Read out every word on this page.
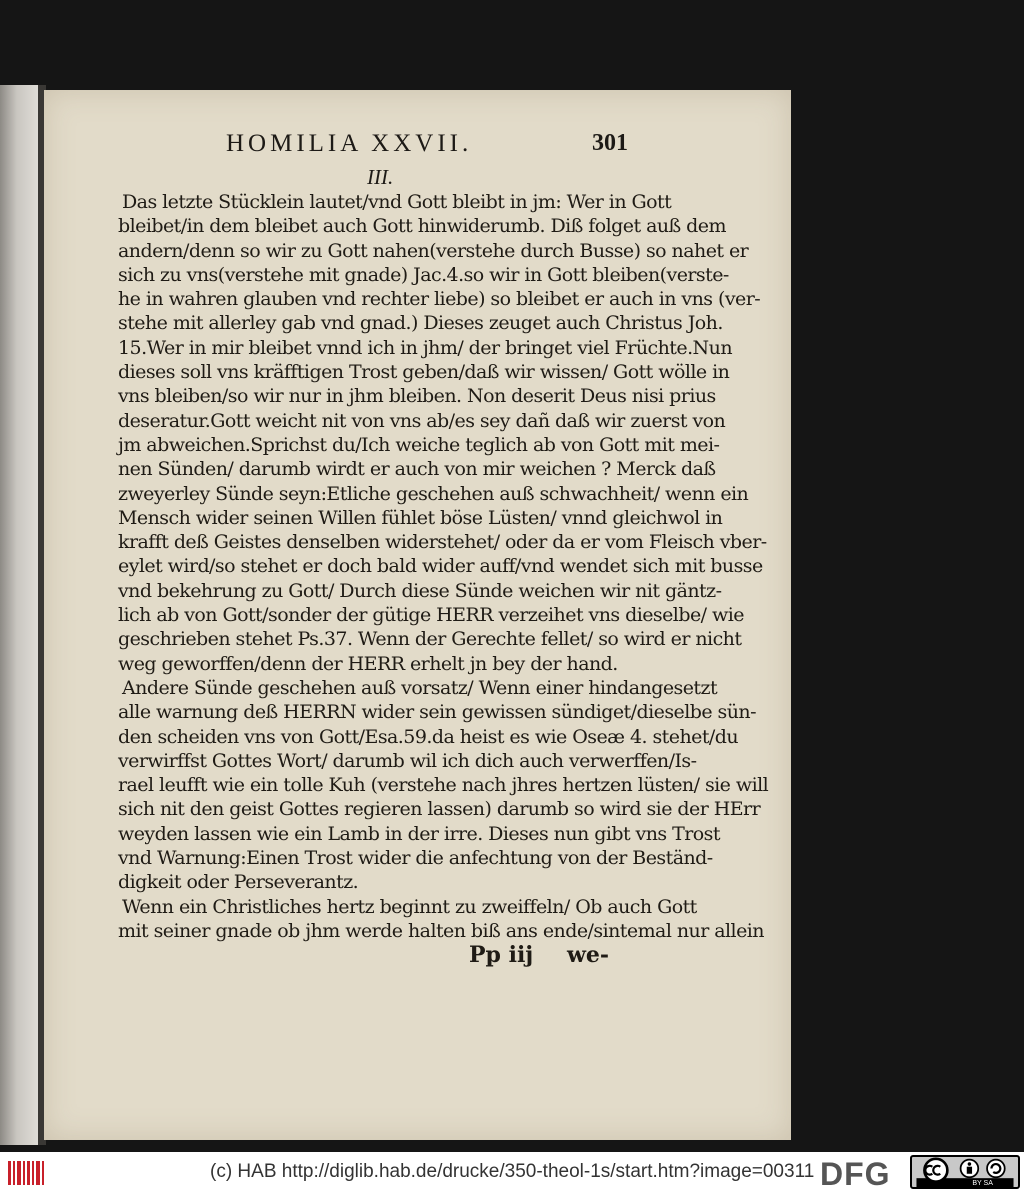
HOMILIA XXVII.	301
III.
Das letzte Stücklein lautet/vnd Gott bleibt in jm: Wer in Gott
bleibet/in dem bleibet auch Gott hinwiderumb. Diß folget auß dem
andern/denn so wir zu Gott nahen(verstehe durch Busse) so nahet er
sich zu vns(verstehe mit gnade) Jac.4.so wir in Gott bleiben(verste-
he in wahren glauben vnd rechter liebe) so bleibet er auch in vns (ver-
stehe mit allerley gab vnd gnad.) Dieses zeuget auch Christus Joh.
15.Wer in mir bleibet vnnd ich in jhm/ der bringet viel Früchte.Nun
dieses soll vns kräfftigen Trost geben/daß wir wissen/ Gott wölle in
vns bleiben/so wir nur in jhm bleiben. Non deserit Deus nisi prius
deseratur.Gott weicht nit von vns ab/es sey dañ daß wir zuerst von
jm abweichen.Sprichst du/Ich weiche teglich ab von Gott mit mei-
nen Sünden/ darumb wirdt er auch von mir weichen ? Merck daß
zweyerley Sünde seyn:Etliche geschehen auß schwachheit/ wenn ein
Mensch wider seinen Willen fühlet böse Lüsten/ vnnd gleichwol in
krafft deß Geistes denselben widerstehet/ oder da er vom Fleisch vber-
eylet wird/so stehet er doch bald wider auff/vnd wendet sich mit busse
vnd bekehrung zu Gott/ Durch diese Sünde weichen wir nit gäntz-
lich ab von Gott/sonder der gütige HERR verzeihet vns dieselbe/ wie
geschrieben stehet Ps.37. Wenn der Gerechte fellet/ so wird er nicht
weg geworffen/denn der HERR erhelt jn bey der hand.
Andere Sünde geschehen auß vorsatz/ Wenn einer hindangesetzt
alle warnung deß HERRN wider sein gewissen sündiget/dieselbe sün-
den scheiden vns von Gott/Esa.59.da heist es wie Oseæ 4. stehet/du
verwirffst Gottes Wort/ darumb wil ich dich auch verwerffen/Is-
rael leufft wie ein tolle Kuh (verstehe nach jhres hertzen lüsten/ sie will
sich nit den geist Gottes regieren lassen) darumb so wird sie der HErr
weyden lassen wie ein Lamb in der irre. Dieses nun gibt vns Trost
vnd Warnung:Einen Trost wider die anfechtung von der Beständ-
digkeit oder Perseverantz.
Wenn ein Christliches hertz beginnt zu zweiffeln/ Ob auch Gott
mit seiner gnade ob jhm werde halten biß ans ende/sintemal nur allein
Pp iij we-
(c) HAB http://diglib.hab.de/drucke/350-theol-1s/start.htm?image=00311 DFG	BY SA
